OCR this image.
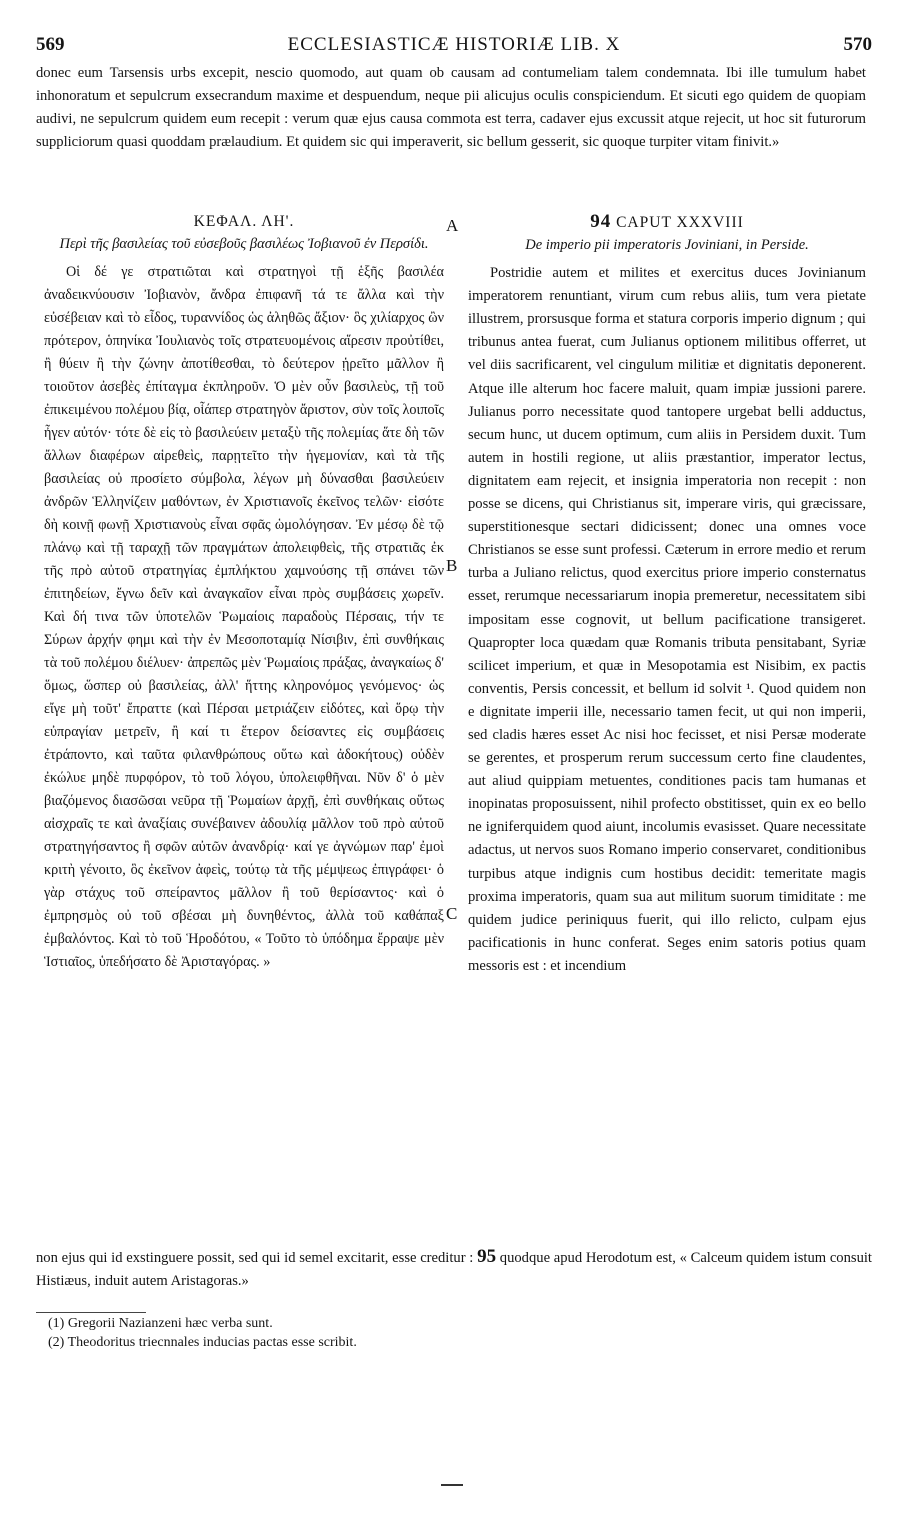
569	ECCLESIASTICÆ HISTORIÆ LIB. X	570
donec eum Tarsensis urbs excepit, nescio quomodo, aut quam ob causam ad contumeliam talem condemnata. Ibi ille tumulum habet inhonoratum et sepulcrum exsecrandum maxime et despuendum, neque pii alicujus oculis conspiciendum. Et sicuti ego quidem de quopiam audivi, ne sepulcrum quidem eum recepit : verum quæ ejus causa commota est terra, cadaver ejus excussit atque rejecit, ut hoc sit futurorum suppliciorum quasi quoddam prælaudium. Et quidem sic qui imperaverit, sic bellum gesserit, sic quoque turpiter vitam finivit.»
ΚΕΦΑΛ. ΛΗ'.
Περὶ τῆς βασιλείας τοῦ εὐσεβοῦς βασιλέως Ἰοβιανοῦ ἐν Περσίδι.

Οἱ δέ γε στρατιῶται καὶ στρατηγοὶ τῇ ἑξῆς βασιλέα ἀναδεικνύουσιν Ἰοβιανὸν, ἄνδρα ἐπιφανῆ τά τε ἄλλα καὶ τὴν εὐσέβειαν καὶ τὸ εἶδος, τυραννίδος ὡς ἀληθῶς ἄξιον· ὃς χιλίαρχος ὢν πρότερον, ὁπηνίκα Ἰουλιανὸς τοῖς στρατευομένοις αἵρεσιν προὐτίθει, ἢ θύειν ἢ τὴν ζώνην ἀποτίθεσθαι, τὸ δεύτερον ᾑρεῖτο μᾶλλον ἢ τοιοῦτον ἀσεβὲς ἐπίταγμα ἐκπληροῦν. Ὁ μὲν οὖν βασιλεὺς, τῇ τοῦ ἐπικειμένου πολέμου βίᾳ, οἷάπερ στρατηγὸν ἄριστον, σὺν τοῖς λοιποῖς ἦγεν αὐτόν· τότε δὲ εἰς τὸ βασιλεύειν μεταξὺ τῆς πολεμίας ἅτε δὴ τῶν ἄλλων διαφέρων αἱρεθεὶς, παρῃτεῖτο τὴν ἡγεμονίαν, καὶ τὰ τῆς βασιλείας οὐ προσίετο σύμβολα, λέγων μὴ δύνασθαι βασιλεύειν ἀνδρῶν Ἑλληνίζειν μαθόντων, ἐν Χριστιανοῖς ἐκεῖνος τελῶν· εἰσότε δὴ κοινῇ φωνῇ Χριστιανοὺς εἶναι σφᾶς ὡμολόγησαν. Ἐν μέσῳ δὲ τῷ πλάνῳ καὶ τῇ ταραχῇ τῶν πραγμάτων ἀπολειφθεὶς, τῆς στρατιᾶς ἐκ τῆς πρὸ αὐτοῦ στρατηγίας ἐμπλήκτου χαμνούσης τῇ σπάνει τῶν ἐπιτηδείων, ἔγνω δεῖν καὶ ἀναγκαῖον εἶναι πρὸς συμβάσεις χωρεῖν. Καὶ δή τινα τῶν ὑποτελῶν Ῥωμαίοις παραδοὺς Πέρσαις, τήν τε Σύρων ἀρχήν φημι καὶ τὴν ἐν Μεσοποταμίᾳ Νίσιβιν, ἐπὶ συνθήκαις τὰ τοῦ πολέμου διέλυεν· ἀπρεπῶς μὲν Ῥωμαίοις πράξας, ἀναγκαίως δ' ὅμως, ὥσπερ οὐ βασιλείας, ἀλλ' ἥττης κληρονόμος γενόμενος· ὡς εἴγε μὴ τοῦτ' ἔπραττε (καὶ Πέρσαι μετριάζειν εἰδότες, καὶ ὅρῳ τὴν εὐπραγίαν μετρεῖν, ἢ καί τι ἕτερον δείσαντες εἰς συμβάσεις ἐτράποντο, καὶ ταῦτα φιλανθρώπους οὕτω καὶ ἀδοκήτους) οὐδὲν ἐκώλυε μηδὲ πυρφόρον, τὸ τοῦ λόγου, ὑπολειφθῆναι. Νῦν δ' ὁ μὲν βιαζόμενος διασῶσαι νεῦρα τῇ Ῥωμαίων ἀρχῇ, ἐπὶ συνθήκαις οὕτως αἰσχραῖς τε καὶ ἀναξίαις συνέβαινεν ἀδουλίᾳ μᾶλλον τοῦ πρὸ αὐτοῦ στρατηγήσαντος ἢ σφῶν αὐτῶν ἀνανδρίᾳ· καί γε ἀγνώμων παρ' ἐμοὶ κριτὴ γένοιτο, ὃς ἐκεῖνον ἀφεὶς, τούτῳ τὰ τῆς μέμψεως ἐπιγράφει· ὁ γὰρ στάχυς τοῦ σπείραντος μᾶλλον ἢ τοῦ θερίσαντος· καὶ ὁ ἐμπρησμὸς οὐ τοῦ σβέσαι μὴ δυνηθέντος, ἀλλὰ τοῦ καθάπαξ ἐμβαλόντος. Καὶ τὸ τοῦ Ἡροδότου, « Τοῦτο τὸ ὑπόδημα ἔρραψε μὲν Ἱστιαῖος, ὑπεδήσατο δὲ Ἀρισταγόρας. »

A
B
C
94 CAPUT XXXVIII
De imperio pii imperatoris Joviniani, in Perside.

Postridie autem et milites et exercitus duces Jovinianum imperatorem renuntiant, virum cum rebus aliis, tum vera pietate illustrem, prorsusque forma et statura corporis imperio dignum ; qui tribunus antea fuerat, cum Julianus optionem militibus offerret, ut vel diis sacrificarent, vel cingulum militiæ et dignitatis deponerent. Atque ille alterum hoc facere maluit, quam impiæ jussioni parere. Julianus porro necessitate quod tantopere urgebat belli adductus, secum hunc, ut ducem optimum, cum aliis in Persidem duxit. Tum autem in hostili regione, ut aliis præstantior, imperator lectus, dignitatem eam rejecit, et insignia imperatoria non recepit : non posse se dicens, qui Christianus sit, imperare viris, qui græcissare, superstitionesque sectari didicissent; donec una omnes voce Christianos se esse sunt professi. Cæterum in errore medio et rerum turba a Juliano relictus, quod exercitus priore imperio consternatus esset, rerumque necessariarum inopia premeretur, necessitatem sibi impositam esse cognovit, ut bellum pacificatione transigeret. Quapropter loca quædam quæ Romanis tributa pensitabant, Syriæ scilicet imperium, et quæ in Mesopotamia est Nisibim, ex pactis conventis, Persis concessit, et bellum id solvit ¹. Quod quidem non e dignitate imperii ille, necessario tamen fecit, ut qui non imperii, sed cladis hæres esset Ac nisi hoc fecisset, et nisi Persæ moderate se gerentes, et prosperum rerum successum certo fine claudentes, aut aliud quippiam metuentes, conditiones pacis tam humanas et inopinatas proposuissent, nihil profecto obstitisset, quin ex eo bello ne igniferquidem quod aiunt, incolumis evasisset. Quare necessitate adactus, ut nervos suos Romano imperio conservaret, conditionibus turpibus atque indignis cum hostibus decidit: temeritate magis proxima imperatoris, quam sua aut militum suorum timiditate : me quidem judice periniquus fuerit, qui illo relicto, culpam ejus pacificationis in hunc conferat. Seges enim satoris potius quam messoris est : et incendium

non ejus qui id exstinguere possit, sed qui id semel excitarit, esse creditur : 95 quodque apud Herodotum est, « Calceum quidem istum consuit Histiæus, induit autem Aristagoras.»
(1) Gregorii Nazianzeni hæc verba sunt.
(2) Theodoritus triecnnales inducias pactas esse scribit.
